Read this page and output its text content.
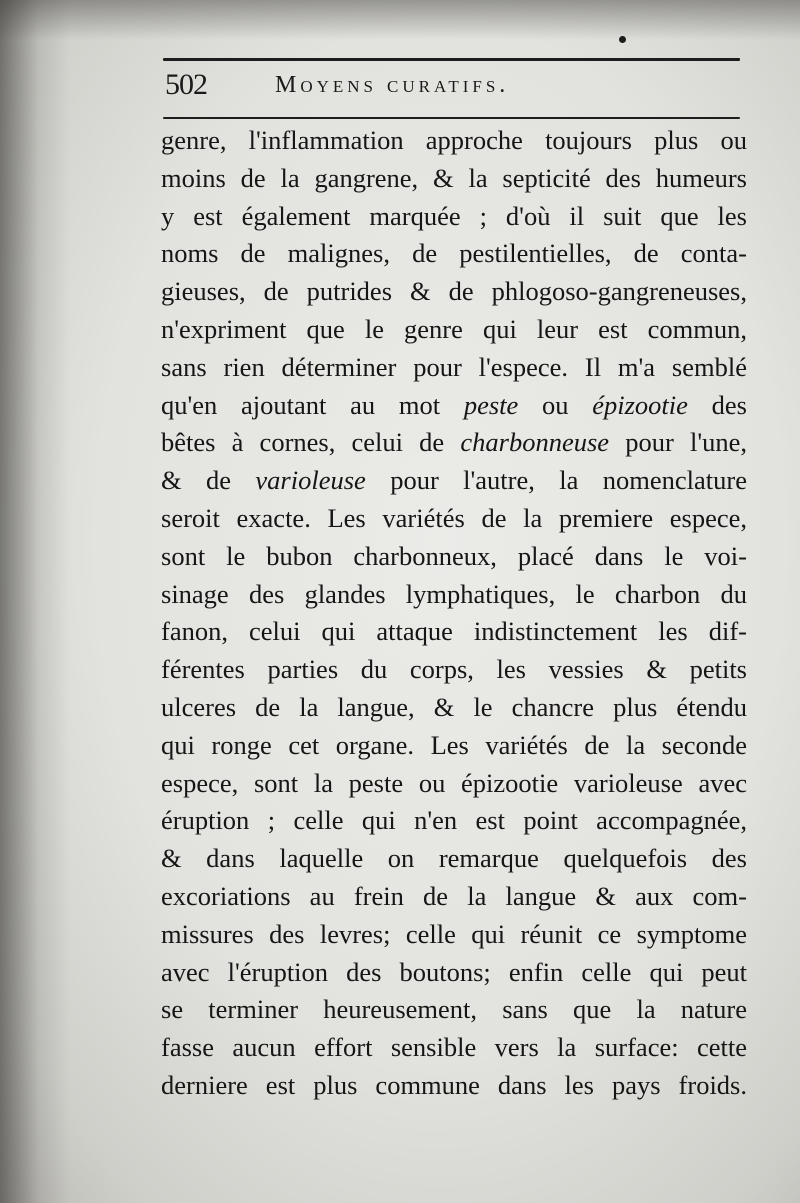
502	Moyens curatifs.
genre, l'inflammation approche toujours plus ou
moins de la gangrene, & la septicité des humeurs
y est également marquée ; d'où il suit que les
noms de malignes, de pestilentielles, de conta-
gieuses, de putrides & de phlogoso-gangreneuses,
n'expriment que le genre qui leur est commun,
sans rien déterminer pour l'espece. Il m'a semblé
qu'en ajoutant au mot peste ou épizootie des
bêtes à cornes, celui de charbonneuse pour l'une,
& de varioleuse pour l'autre, la nomenclature
seroit exacte. Les variétés de la premiere espece,
sont le bubon charbonneux, placé dans le voi-
sinage des glandes lymphatiques, le charbon du
fanon, celui qui attaque indistinctement les dif-
férentes parties du corps, les vessies & petits
ulceres de la langue, & le chancre plus étendu
qui ronge cet organe. Les variétés de la seconde
espece, sont la peste ou épizootie varioleuse avec
éruption ; celle qui n'en est point accompagnée,
& dans laquelle on remarque quelquefois des
excoriations au frein de la langue & aux com-
missures des levres; celle qui réunit ce symptome
avec l'éruption des boutons; enfin celle qui peut
se terminer heureusement, sans que la nature
fasse aucun effort sensible vers la surface: cette
derniere est plus commune dans les pays froids.
